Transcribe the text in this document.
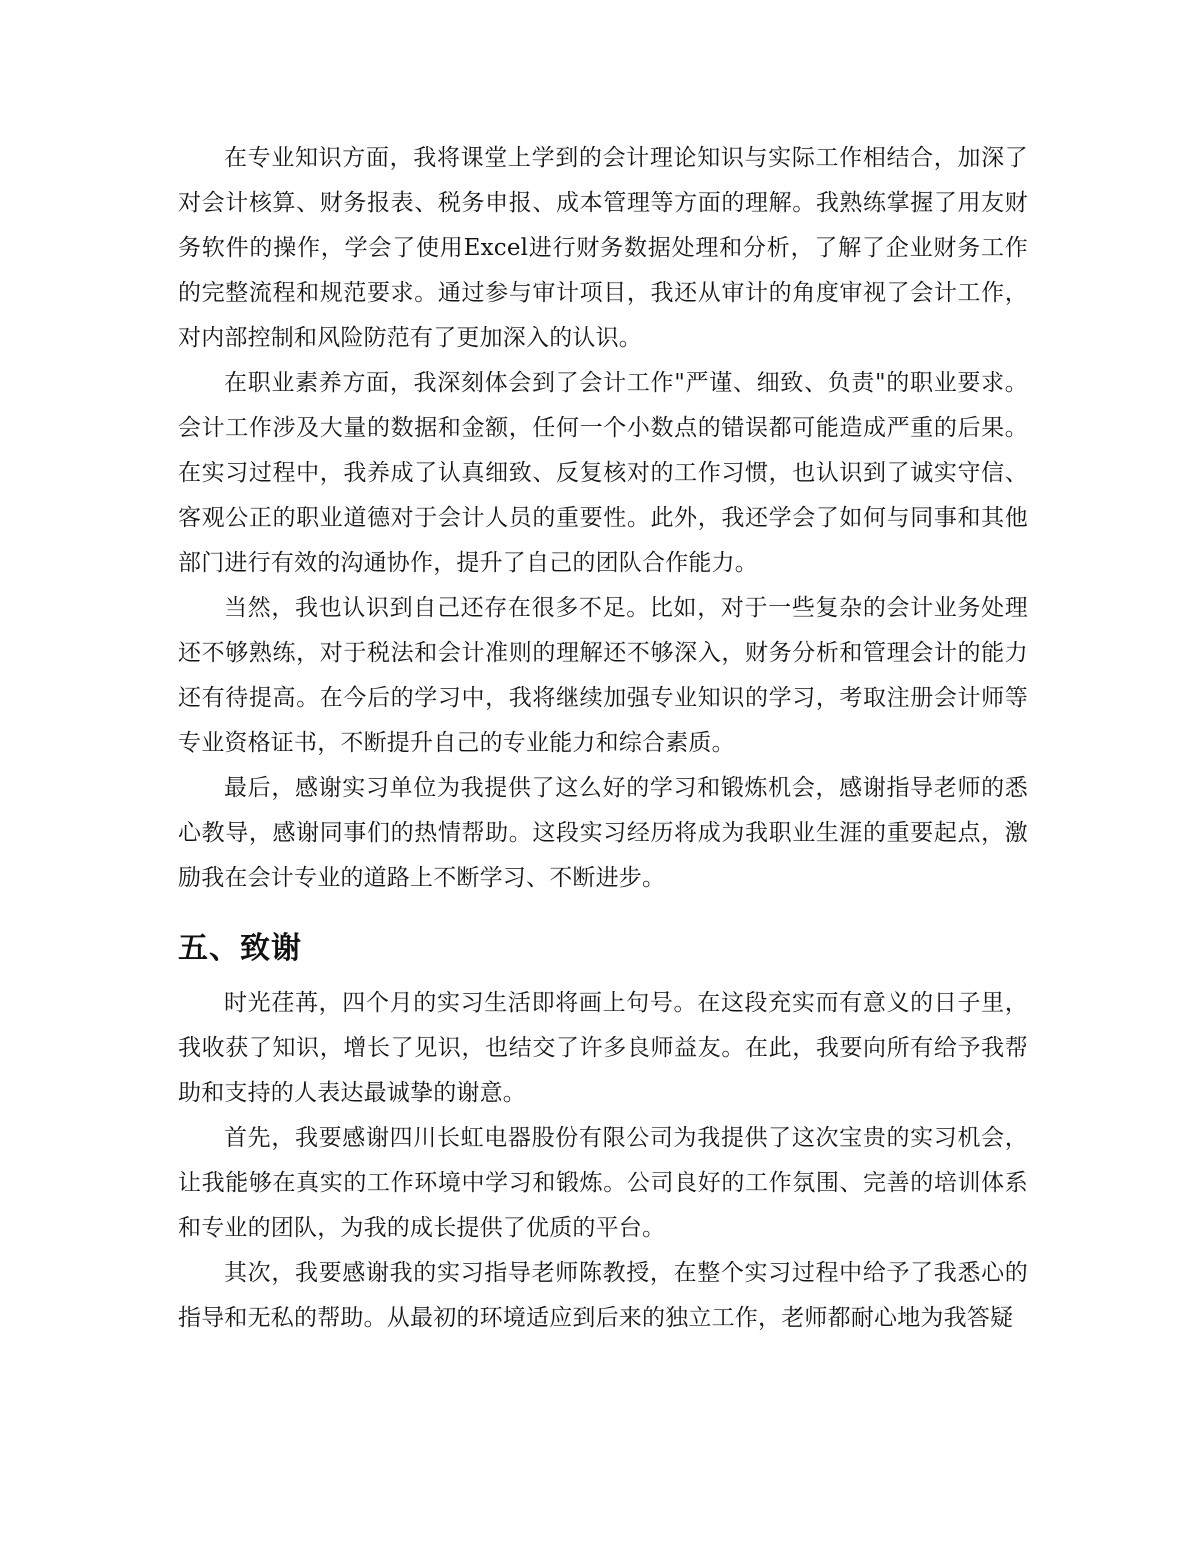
在专业知识方面，我将课堂上学到的会计理论知识与实际工作相结合，加深了对会计核算、财务报表、税务申报、成本管理等方面的理解。我熟练掌握了用友财务软件的操作，学会了使用Excel进行财务数据处理和分析，了解了企业财务工作的完整流程和规范要求。通过参与审计项目，我还从审计的角度审视了会计工作，对内部控制和风险防范有了更加深入的认识。

在职业素养方面，我深刻体会到了会计工作"严谨、细致、负责"的职业要求。会计工作涉及大量的数据和金额，任何一个小数点的错误都可能造成严重的后果。在实习过程中，我养成了认真细致、反复核对的工作习惯，也认识到了诚实守信、客观公正的职业道德对于会计人员的重要性。此外，我还学会了如何与同事和其他部门进行有效的沟通协作，提升了自己的团队合作能力。

当然，我也认识到自己还存在很多不足。比如，对于一些复杂的会计业务处理还不够熟练，对于税法和会计准则的理解还不够深入，财务分析和管理会计的能力还有待提高。在今后的学习中，我将继续加强专业知识的学习，考取注册会计师等专业资格证书，不断提升自己的专业能力和综合素质。

最后，感谢实习单位为我提供了这么好的学习和锻炼机会，感谢指导老师的悉心教导，感谢同事们的热情帮助。这段实习经历将成为我职业生涯的重要起点，激励我在会计专业的道路上不断学习、不断进步。

五、致谢

时光荏苒，四个月的实习生活即将画上句号。在这段充实而有意义的日子里，我收获了知识，增长了见识，也结交了许多良师益友。在此，我要向所有给予我帮助和支持的人表达最诚挚的谢意。

首先，我要感谢四川长虹电器股份有限公司为我提供了这次宝贵的实习机会，让我能够在真实的工作环境中学习和锻炼。公司良好的工作氛围、完善的培训体系和专业的团队，为我的成长提供了优质的平台。

其次，我要感谢我的实习指导老师陈教授，在整个实习过程中给予了我悉心的指导和无私的帮助。从最初的环境适应到后来的独立工作，老师都耐心地为我答疑
